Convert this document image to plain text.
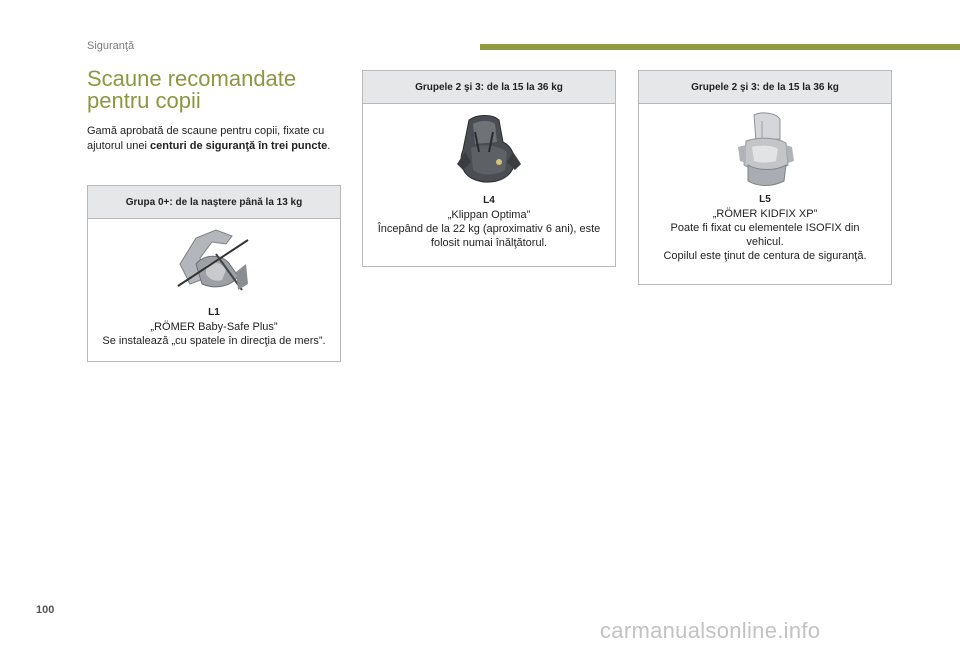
Siguranţă
Scaune recomandate
pentru copii
Gamă aprobată de scaune pentru copii, fixate cu ajutorul unei centuri de siguranţă în trei puncte.
Grupa 0+: de la naştere până la 13 kg
L1
„RÖMER Baby-Safe Plus”
Se instalează „cu spatele în direcţia de mers”.
Grupele 2 şi 3: de la 15 la 36 kg
L4
„Klippan Optima”
Începând de la 22 kg (aproximativ 6 ani), este folosit numai înălţătorul.
Grupele 2 şi 3: de la 15 la 36 kg
L5
„RÖMER KIDFIX XP”
Poate fi fixat cu elementele ISOFIX din vehicul.
Copilul este ţinut de centura de siguranţă.
100
carmanualsonline.info
